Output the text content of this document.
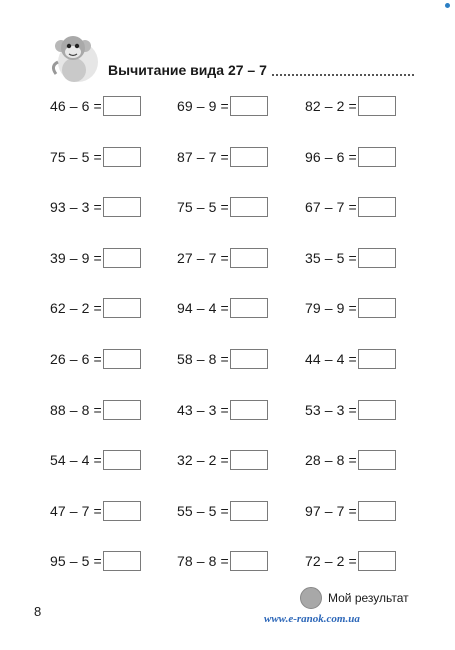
Вычитание вида 27 – 7
46 – 6 =	69 – 9 =	82 – 2 =
75 – 5 =	87 – 7 =	96 – 6 =
93 – 3 =	75 – 5 =	67 – 7 =
39 – 9 =	27 – 7 =	35 – 5 =
62 – 2 =	94 – 4 =	79 – 9 =
26 – 6 =	58 – 8 =	44 – 4 =
88 – 8 =	43 – 3 =	53 – 3 =
54 – 4 =	32 – 2 =	28 – 8 =
47 – 7 =	55 – 5 =	97 – 7 =
95 – 5 =	78 – 8 =	72 – 2 =
8
Мой результат
www.e-ranok.com.ua
